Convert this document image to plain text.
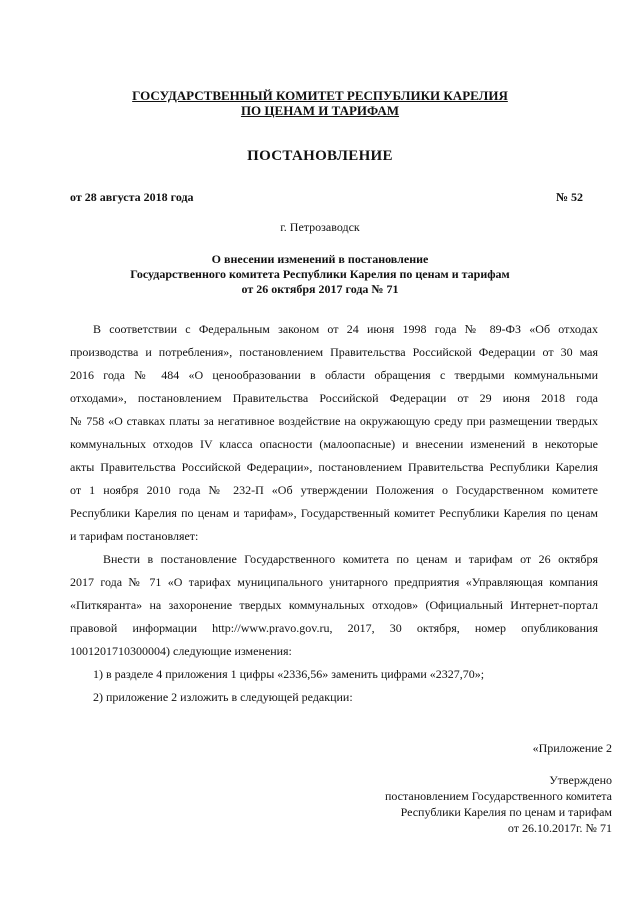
ГОСУДАРСТВЕННЫЙ КОМИТЕТ РЕСПУБЛИКИ КАРЕЛИЯ
ПО ЦЕНАМ И ТАРИФАМ
ПОСТАНОВЛЕНИЕ
от 28 августа 2018 года	№ 52
г. Петрозаводск
О внесении изменений в постановление
Государственного комитета Республики Карелия по ценам и тарифам
от 26 октября 2017 года № 71
В соответствии с Федеральным законом от 24 июня 1998 года № 89-ФЗ «Об отходах
производства и потребления», постановлением Правительства Российской Федерации от 30 мая
2016 года № 484 «О ценообразовании в области обращения с твердыми коммунальными
отходами», постановлением Правительства Российской Федерации от 29 июня 2018 года
№ 758 «О ставках платы за негативное воздействие на окружающую среду при размещении твердых
коммунальных отходов IV класса опасности (малоопасные) и внесении изменений в некоторые
акты Правительства Российской Федерации», постановлением Правительства Республики Карелия
от 1 ноября 2010 года № 232-П «Об утверждении Положения о Государственном комитете
Республики Карелия по ценам и тарифам», Государственный комитет Республики Карелия по ценам
и тарифам постановляет:
Внести в постановление Государственного комитета по ценам и тарифам от 26 октября
2017 года № 71 «О тарифах муниципального унитарного предприятия «Управляющая компания
«Питкяранта» на захоронение твердых коммунальных отходов» (Официальный Интернет-портал
правовой информации http://www.pravo.gov.ru, 2017, 30 октября, номер опубликования
1001201710300004) следующие изменения:
1) в разделе 4 приложения 1 цифры «2336,56» заменить цифрами «2327,70»;
2) приложение 2 изложить в следующей редакции:
«Приложение 2
Утверждено
постановлением Государственного комитета
Республики Карелия по ценам и тарифам
от 26.10.2017г. № 71
